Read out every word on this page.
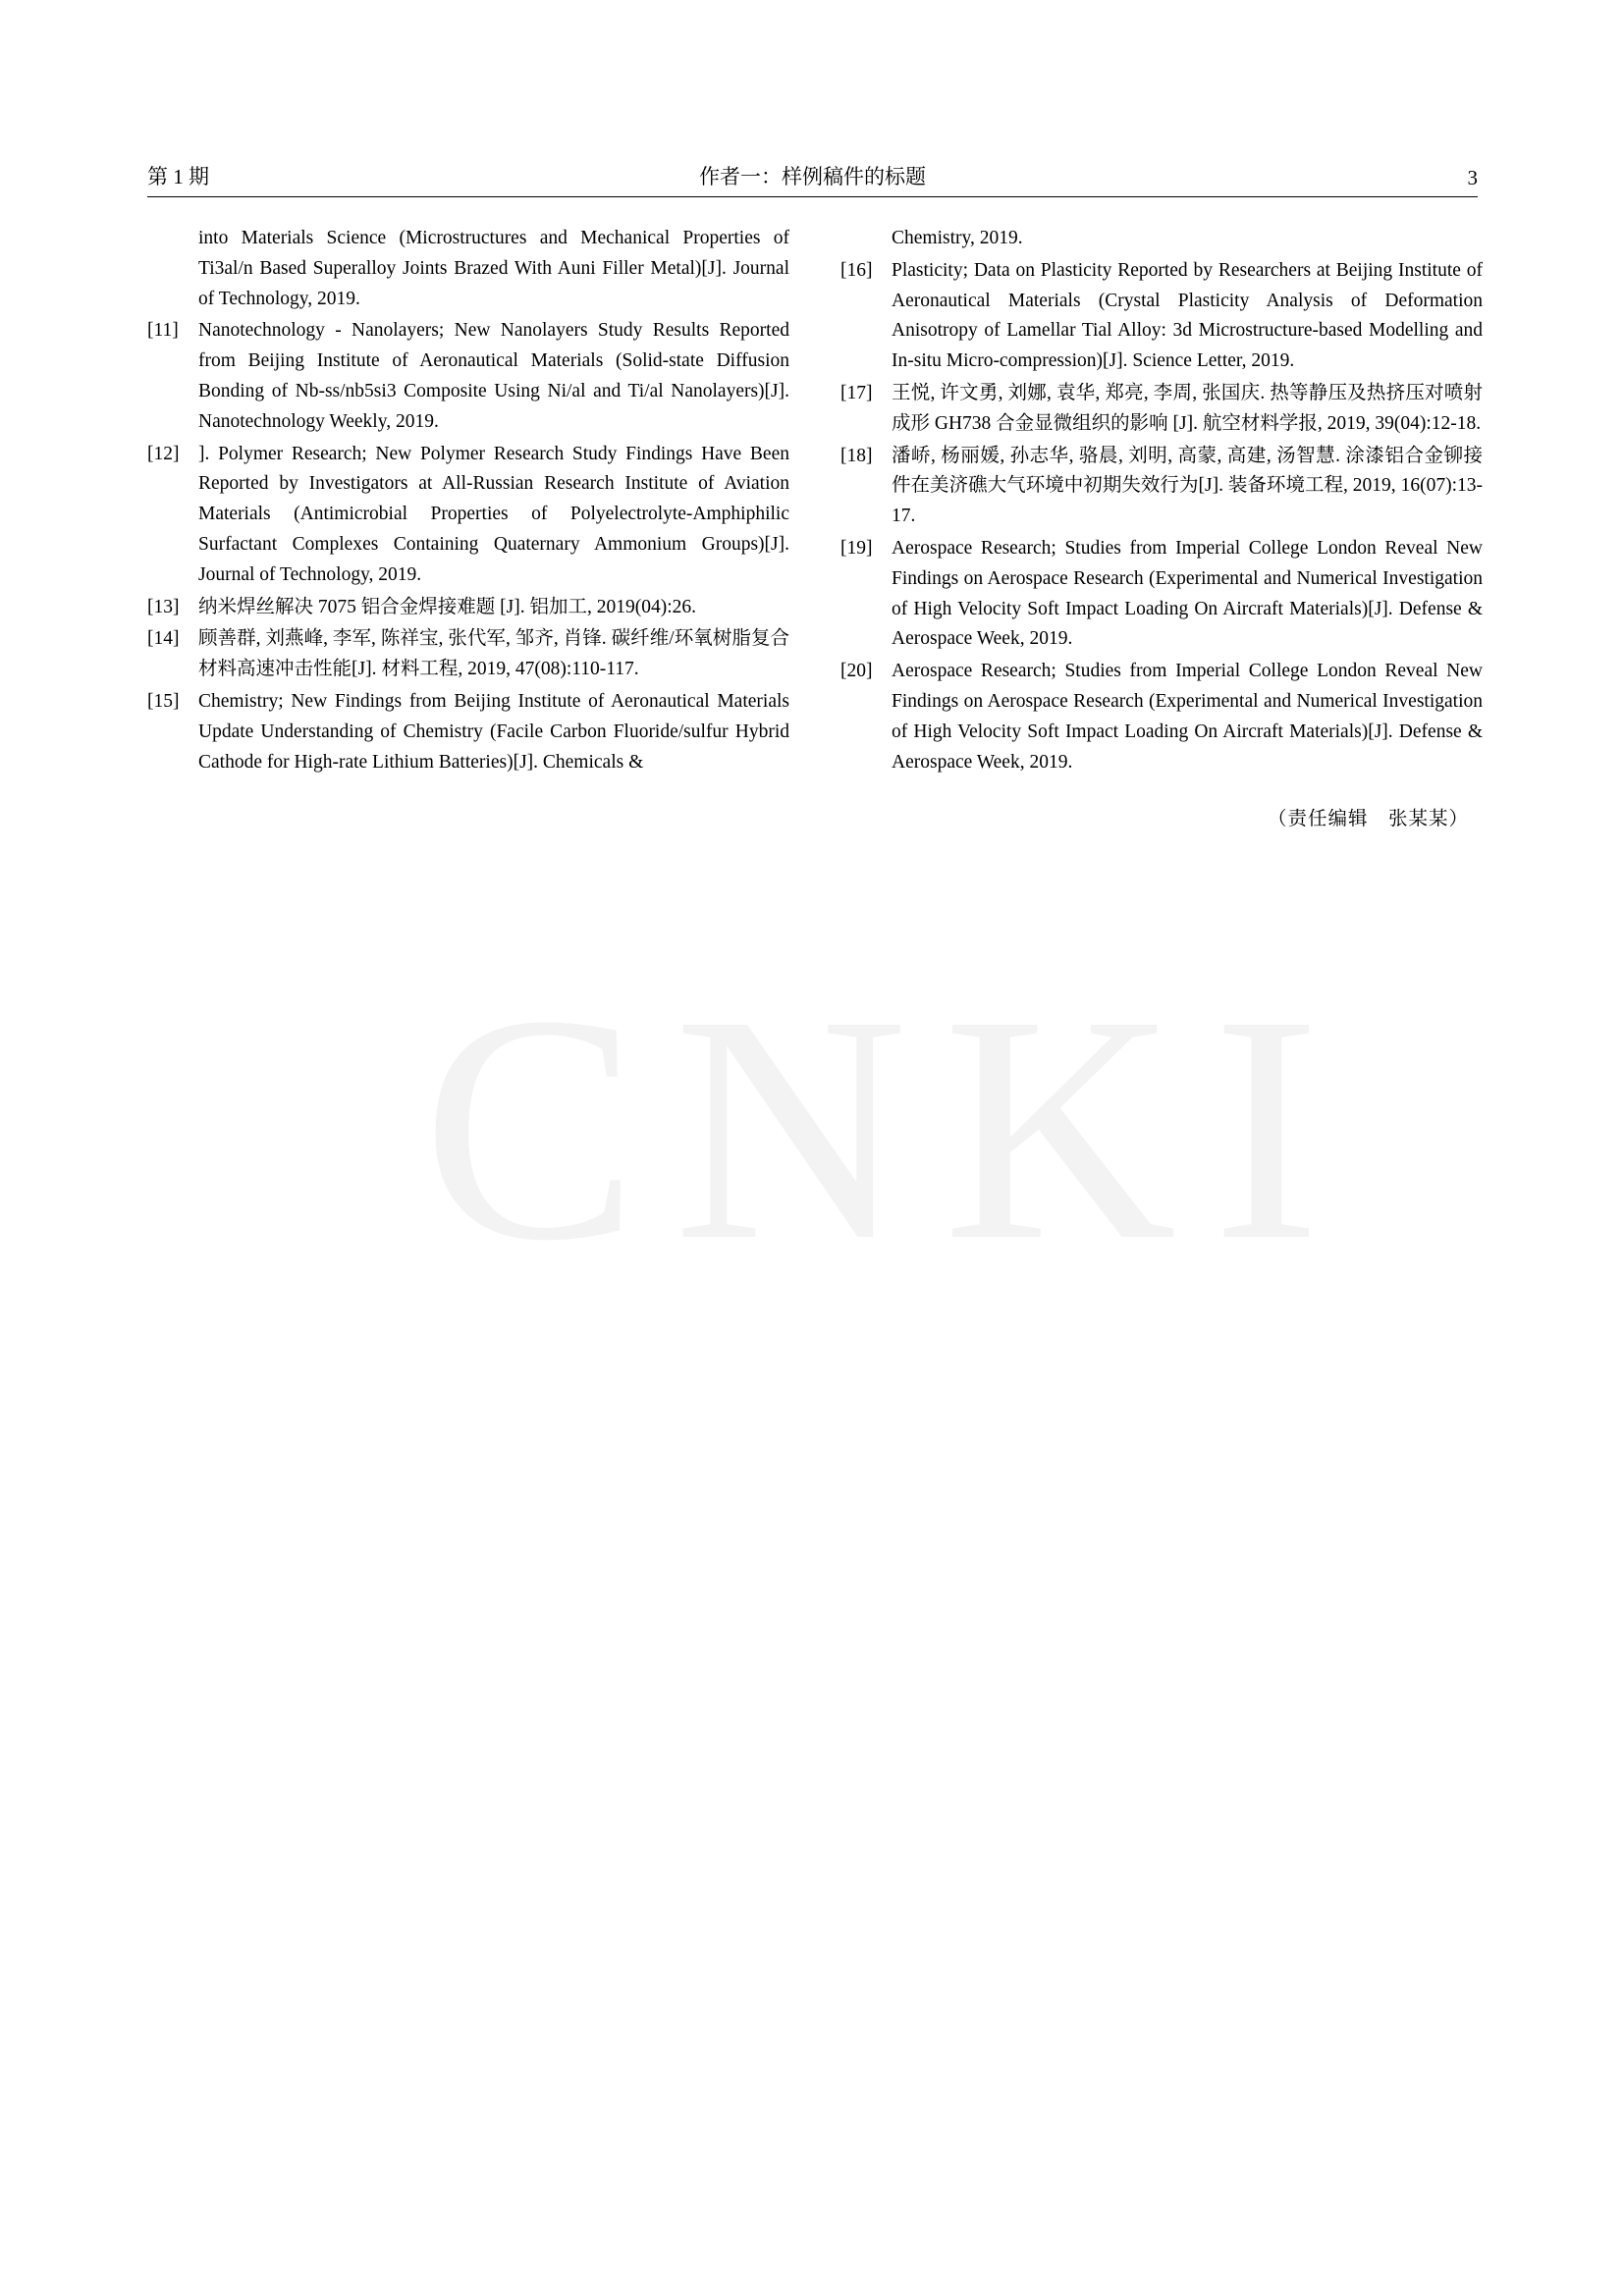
CNKI
第 1 期	作者一：样例稿件的标题	3
into Materials Science (Microstructures and Mechanical Properties of Ti3al/n Based Superalloy Joints Brazed With Auni Filler Metal)[J]. Journal of Technology, 2019.
[11]	Nanotechnology - Nanolayers; New Nanolayers Study Results Reported from Beijing Institute of Aeronautical Materials (Solid-state Diffusion Bonding of Nb-ss/nb5si3 Composite Using Ni/al and Ti/al Nanolayers)[J]. Nanotechnology Weekly, 2019.
[12]	]. Polymer Research; New Polymer Research Study Findings Have Been Reported by Investigators at All-Russian Research Institute of Aviation Materials (Antimicrobial Properties of Polyelectrolyte-Amphiphilic Surfactant Complexes Containing Quaternary Ammonium Groups)[J]. Journal of Technology, 2019.
[13]	纳米焊丝解决 7075 铝合金焊接难题 [J]. 铝加工, 2019(04):26.
[14]	顾善群, 刘燕峰, 李军, 陈祥宝, 张代军, 邹齐, 肖锋. 碳纤维/环氧树脂复合材料高速冲击性能[J]. 材料工程, 2019, 47(08):110-117.
[15]	Chemistry; New Findings from Beijing Institute of Aeronautical Materials Update Understanding of Chemistry (Facile Carbon Fluoride/sulfur Hybrid Cathode for High-rate Lithium Batteries)[J]. Chemicals &
Chemistry, 2019.
[16]	Plasticity; Data on Plasticity Reported by Researchers at Beijing Institute of Aeronautical Materials (Crystal Plasticity Analysis of Deformation Anisotropy of Lamellar Tial Alloy: 3d Microstructure-based Modelling and In-situ Micro-compression)[J]. Science Letter, 2019.
[17]	王悦, 许文勇, 刘娜, 袁华, 郑亮, 李周, 张国庆. 热等静压及热挤压对喷射成形 GH738 合金显微组织的影响 [J]. 航空材料学报, 2019, 39(04):12-18.
[18]	潘峤, 杨丽媛, 孙志华, 骆晨, 刘明, 高蒙, 高建, 汤智慧. 涂漆铝合金铆接件在美济礁大气环境中初期失效行为[J]. 装备环境工程, 2019, 16(07):13-17.
[19]	Aerospace Research; Studies from Imperial College London Reveal New Findings on Aerospace Research (Experimental and Numerical Investigation of High Velocity Soft Impact Loading On Aircraft Materials)[J]. Defense & Aerospace Week, 2019.
[20]	Aerospace Research; Studies from Imperial College London Reveal New Findings on Aerospace Research (Experimental and Numerical Investigation of High Velocity Soft Impact Loading On Aircraft Materials)[J]. Defense & Aerospace Week, 2019.
（责任编辑　张某某）
